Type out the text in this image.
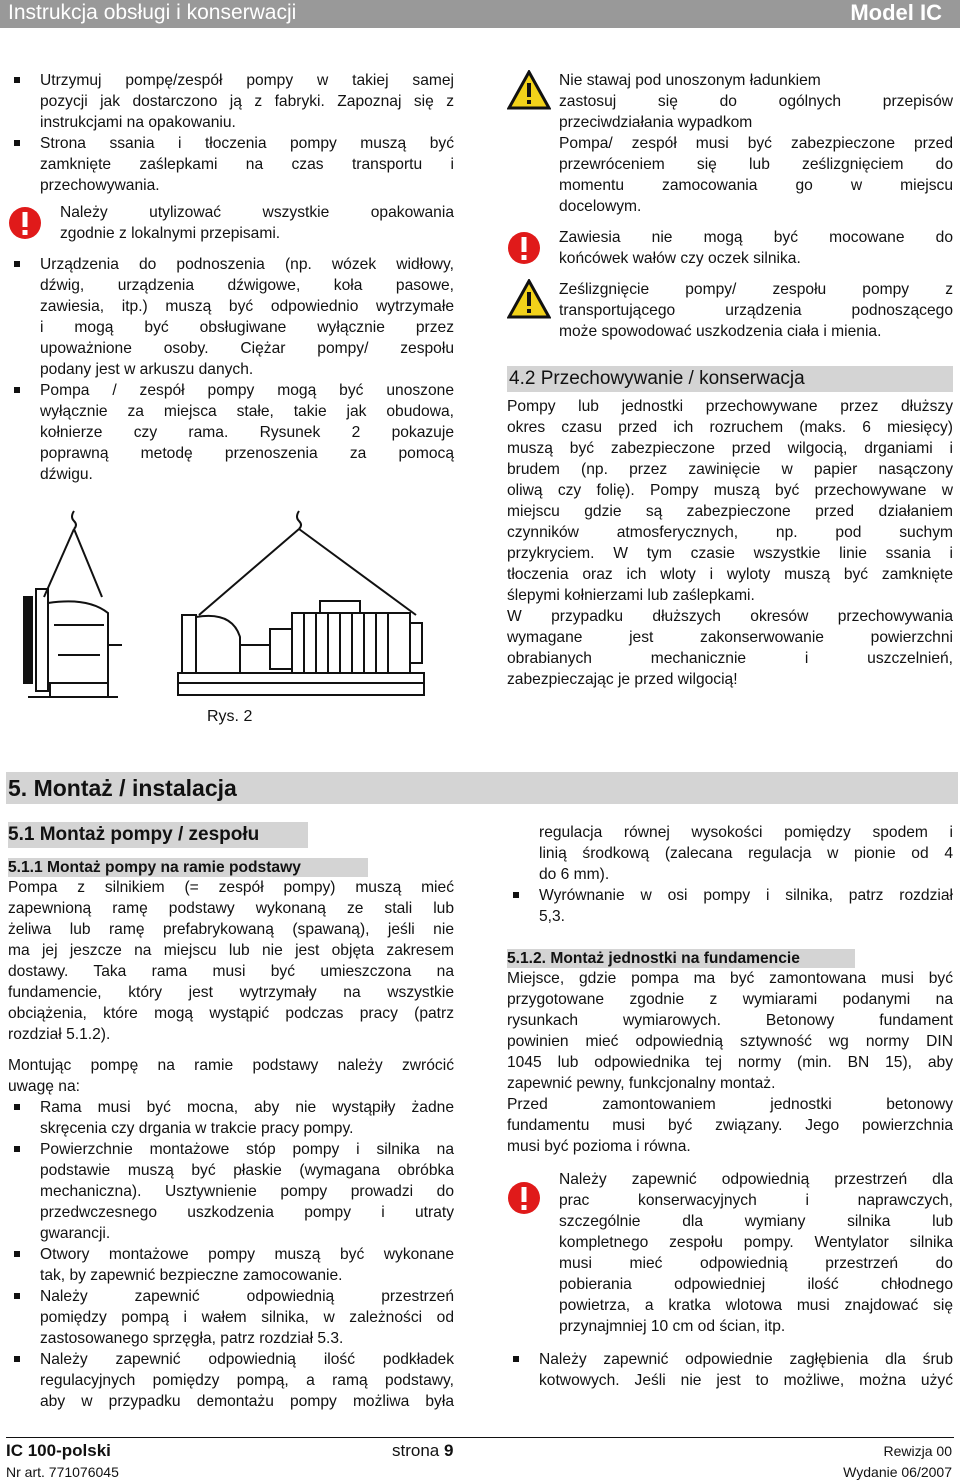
Instrukcja obsługi i konserwacji	Model IC
Utrzymuj pompę/zespół pompy w takiej samej
pozycji jak dostarczono ją z fabryki. Zapoznaj się z
instrukcjami na opakowaniu.
Strona ssania i tłoczenia pompy muszą być
zamknięte zaślepkami na czas transportu i
przechowywania.
Należy utylizować wszystkie opakowania
zgodnie z lokalnymi przepisami.
Urządzenia do podnoszenia (np. wózek widłowy,
dźwig, urządzenia dźwigowe, koła pasowe,
zawiesia, itp.) muszą być odpowiednio wytrzymałe
i mogą być obsługiwane wyłącznie przez
upoważnione osoby. Ciężar pompy/ zespołu
podany jest w arkuszu danych.
Pompa / zespół pompy mogą być unoszone
wyłącznie za miejsca stałe, takie jak obudowa,
kołnierze czy rama. Rysunek 2 pokazuje
poprawną metodę przenoszenia za pomocą
dźwigu.
Rys. 2
Nie stawaj pod unoszonym ładunkiem
zastosuj się do ogólnych przepisów
przeciwdziałania wypadkom
Pompa/ zespół musi być zabezpieczone przed
przewróceniem się lub ześlizgnięciem do
momentu zamocowania go w miejscu
docelowym.
Zawiesia nie mogą być mocowane do
końcówek wałów czy oczek silnika.
Ześlizgnięcie pompy/ zespołu pompy z
transportującego urządzenia podnoszącego
może spowodować uszkodzenia ciała i mienia.
4.2 Przechowywanie / konserwacja
Pompy lub jednostki przechowywane przez dłuższy
okres czasu przed ich rozruchem (maks. 6 miesięcy)
muszą być zabezpieczone przed wilgocią, drganiami i
brudem (np. przez zawinięcie w papier nasączony
oliwą czy folię). Pompy muszą być przechowywane w
miejscu gdzie są zabezpieczone przed działaniem
czynników atmosferycznych, np. pod suchym
przykryciem. W tym czasie wszystkie linie ssania i
tłoczenia oraz ich wloty i wyloty muszą być zamknięte
ślepymi kołnierzami lub zaślepkami.
W przypadku dłuższych okresów przechowywania
wymagane jest zakonserwowanie powierzchni
obrabianych mechanicznie i uszczelnień,
zabezpieczając je przed wilgocią!
5. Montaż / instalacja
5.1 Montaż pompy / zespołu
5.1.1 Montaż pompy na ramie podstawy
Pompa z silnikiem (= zespół pompy) muszą mieć
zapewnioną ramę podstawy wykonaną ze stali lub
żeliwa lub ramę prefabrykowaną (spawaną), jeśli nie
ma jej jeszcze na miejscu lub nie jest objęta zakresem
dostawy. Taka rama musi być umieszczona na
fundamencie, który jest wytrzymały na wszystkie
obciążenia, które mogą wystąpić podczas pracy (patrz
rozdział 5.1.2).
Montując pompę na ramie podstawy należy zwrócić
uwagę na:
Rama musi być mocna, aby nie wystąpiły żadne
skręcenia czy drgania w trakcie pracy pompy.
Powierzchnie montażowe stóp pompy i silnika na
podstawie muszą być płaskie (wymagana obróbka
mechaniczna). Usztywnienie pompy prowadzi do
przedwczesnego uszkodzenia pompy i utraty
gwarancji.
Otwory montażowe pompy muszą być wykonane
tak, by zapewnić bezpieczne zamocowanie.
Należy zapewnić odpowiednią przestrzeń
pomiędzy pompą i wałem silnika, w zależności od
zastosowanego sprzęgła, patrz rozdział 5.3.
Należy zapewnić odpowiednią ilość podkładek
regulacyjnych pomiędzy pompą, a ramą podstawy,
aby w przypadku demontażu pompy możliwa była
regulacja równej wysokości pomiędzy spodem i
linią środkową (zalecana regulacja w pionie od 4
do 6 mm).
Wyrównanie w osi pompy i silnika, patrz rozdział
5,3.
5.1.2. Montaż jednostki na fundamencie
Miejsce, gdzie pompa ma być zamontowana musi być
przygotowane zgodnie z wymiarami podanymi na
rysunkach wymiarowych. Betonowy fundament
powinien mieć odpowiednią sztywność wg normy DIN
1045 lub odpowiednika tej normy (min. BN 15), aby
zapewnić pewny, funkcjonalny montaż.
Przed zamontowaniem jednostki betonowy
fundamentu musi być związany. Jego powierzchnia
musi być pozioma i równa.
Należy zapewnić odpowiednią przestrzeń dla
prac konserwacyjnych i naprawczych,
szczególnie dla wymiany silnika lub
kompletnego zespołu pompy. Wentylator silnika
musi mieć odpowiednią przestrzeń do
pobierania odpowiedniej ilość chłodnego
powietrza, a kratka wlotowa musi znajdować się
przynajmniej 10 cm od ścian, itp.
Należy zapewnić odpowiednie zagłębienia dla śrub
kotwowych. Jeśli nie jest to możliwe, można użyć
IC 100-polski	strona 9	Rewizja 00
Nr art. 771076045	Wydanie 06/2007
